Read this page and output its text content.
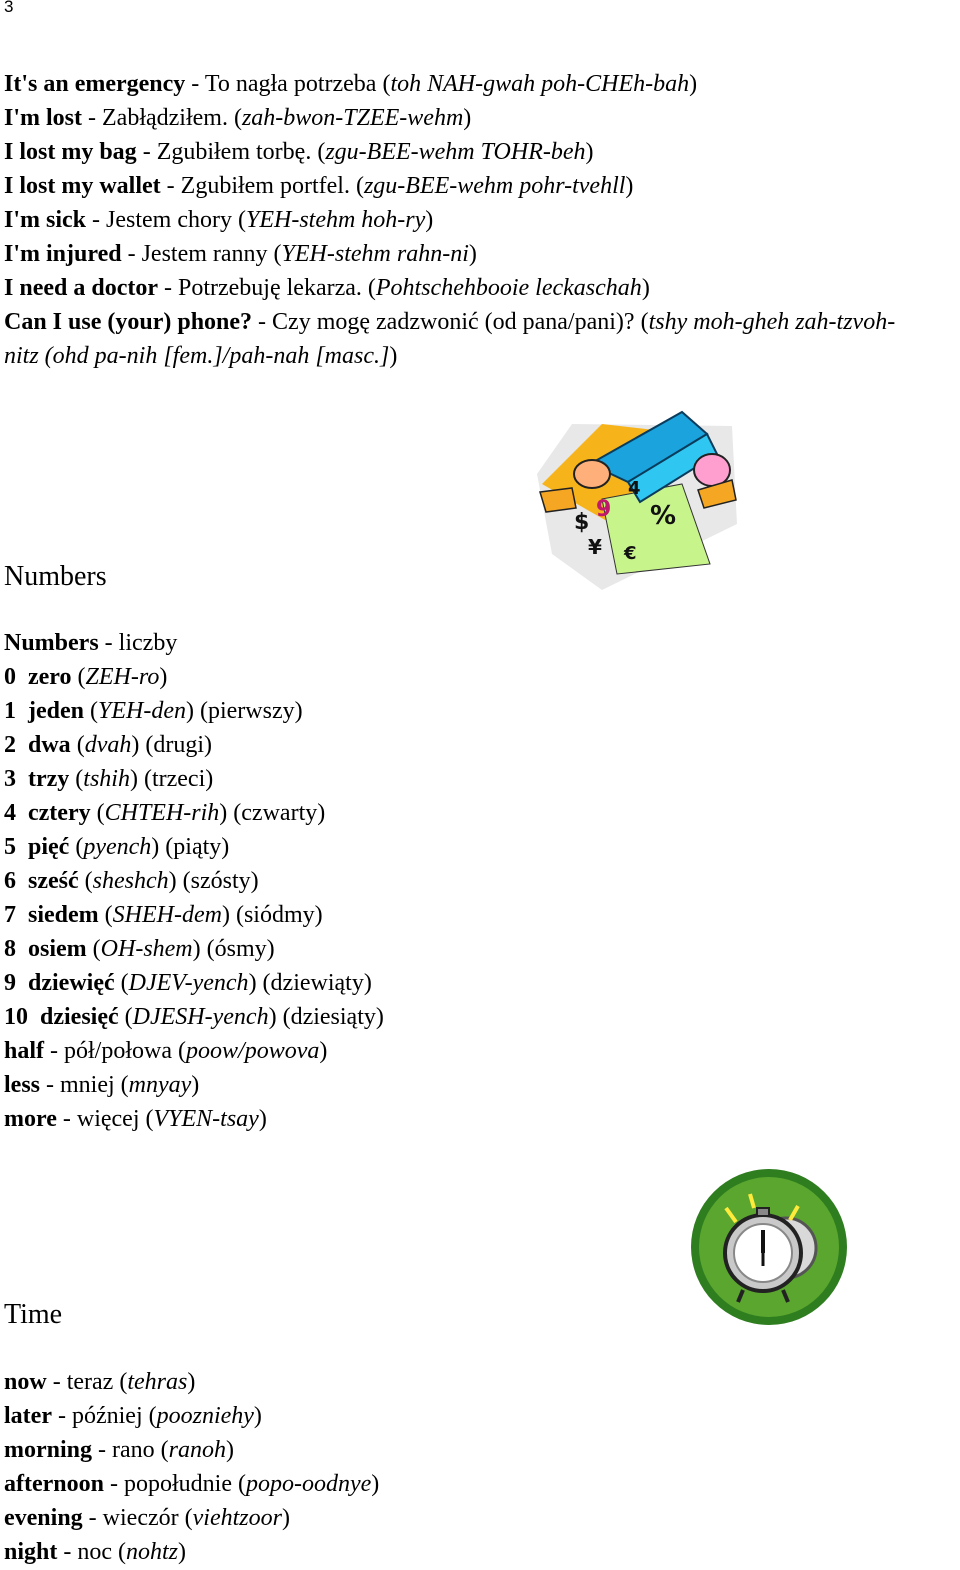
3
It's an emergency - To nagła potrzeba (toh NAH-gwah poh-CHEh-bah)
I'm lost - Zabłądziłem. (zah-bwon-TZEE-wehm)
I lost my bag - Zgubiłem torbę. (zgu-BEE-wehm TOHR-beh)
I lost my wallet - Zgubiłem portfel. (zgu-BEE-wehm pohr-tvehll)
I'm sick - Jestem chory (YEH-stehm hoh-ry)
I'm injured - Jestem ranny (YEH-stehm rahn-ni)
I need a doctor - Potrzebuję lekarza. (Pohtschehbooie leckaschah)
Can I use (your) phone? - Czy mogę zadzwonić (od pana/pani)? (tshy moh-gheh zah-tzvoh-
nitz (ohd pa-nih [fem.]/pah-nah [masc.])
$
¥ €
%
9
4
Numbers
Numbers - liczby
0 zero (ZEH-ro)
1 jeden (YEH-den) (pierwszy)
2 dwa (dvah) (drugi)
3 trzy (tshih) (trzeci)
4 cztery (CHTEH-rih) (czwarty)
5 pięć (pyench) (piąty)
6 sześć (sheshch) (szósty)
7 siedem (SHEH-dem) (siódmy)
8 osiem (OH-shem) (ósmy)
9 dziewięć (DJEV-yench) (dziewiąty)
10 dziesięć (DJESH-yench) (dziesiąty)
half - pół/połowa (poow/powova)
less - mniej (mnyay)
more - więcej (VYEN-tsay)
Time
now - teraz (tehras)
later - później (poozniehy)
morning - rano (ranoh)
afternoon - popołudnie (popo-oodnye)
evening - wieczór (viehtzoor)
night - noc (nohtz)
